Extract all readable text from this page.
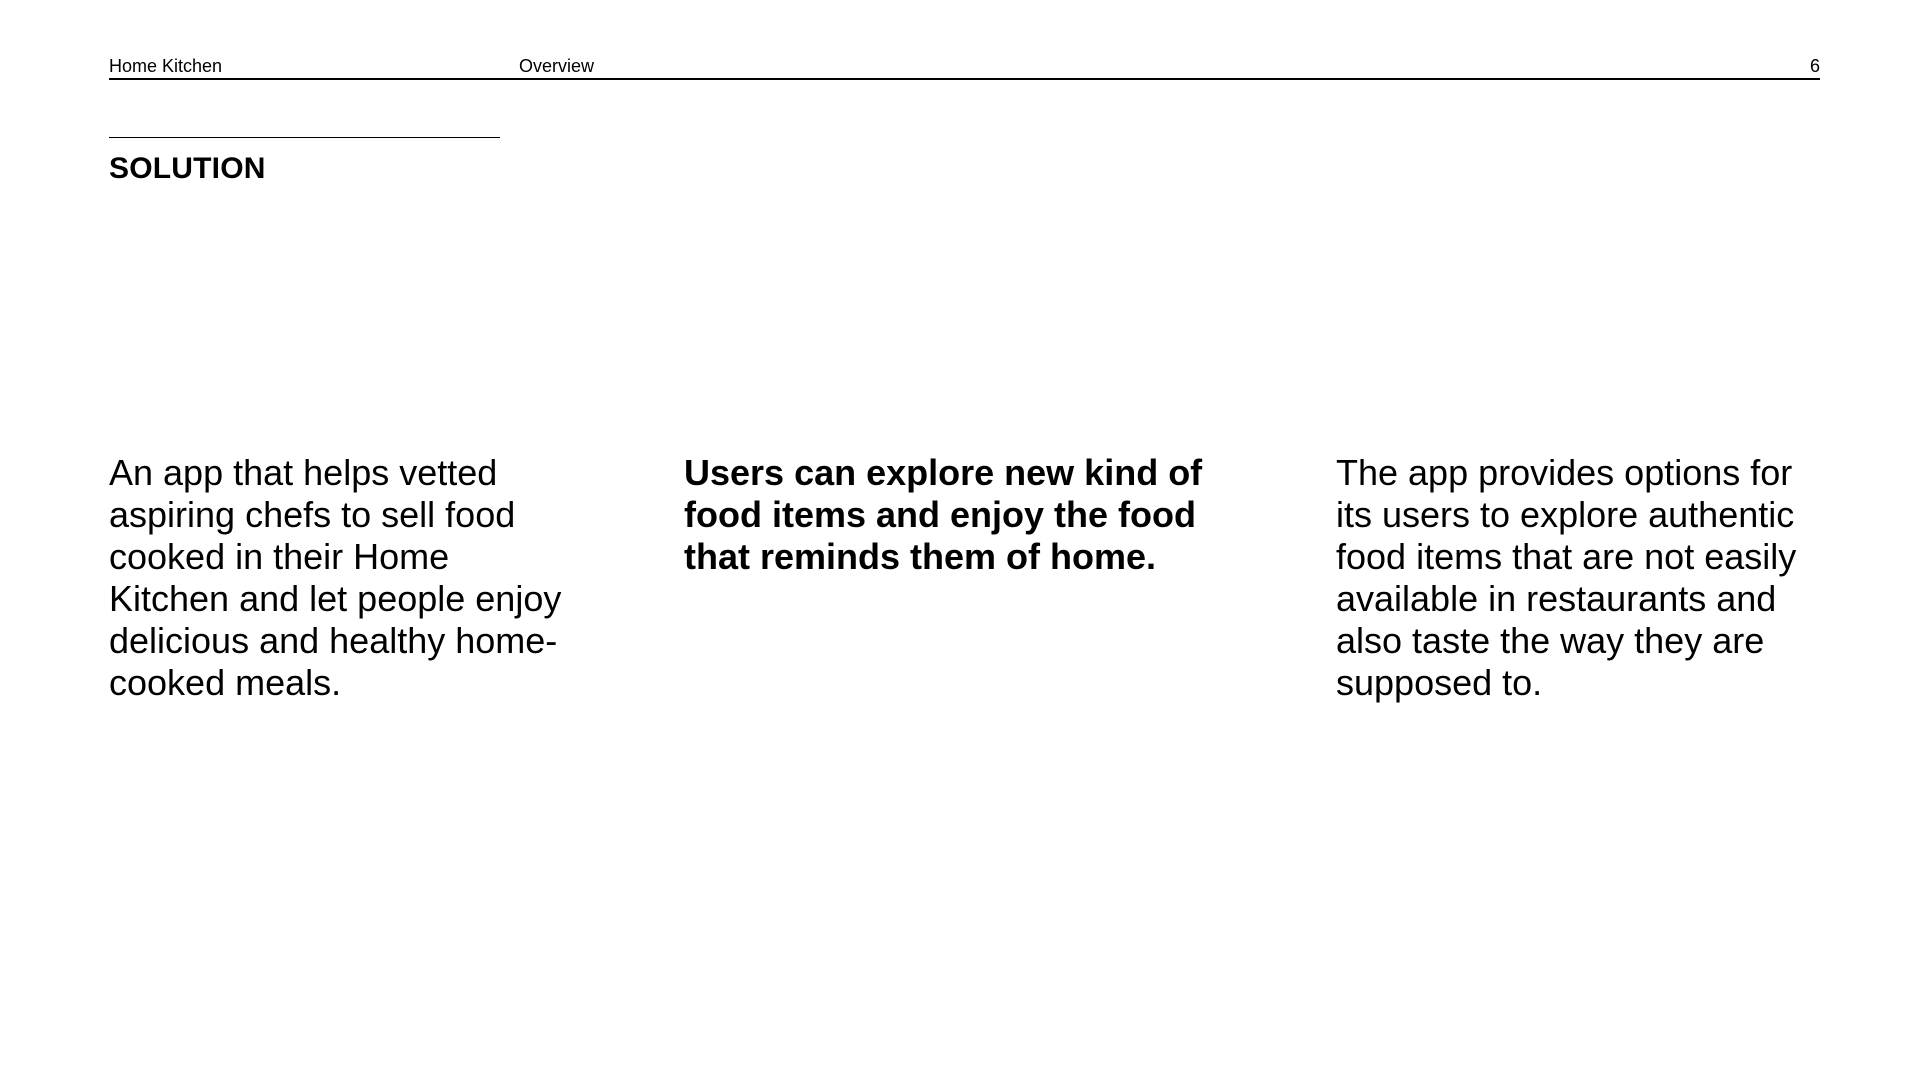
Home Kitchen	Overview	6
SOLUTION
An app that helps vetted aspiring chefs to sell food cooked in their Home Kitchen and let people enjoy delicious and healthy home-cooked meals.
Users can explore new kind of food items and enjoy the food that reminds them of home.
The app provides options for its users to explore authentic food items that are not easily available in restaurants and also taste the way they are supposed to.
